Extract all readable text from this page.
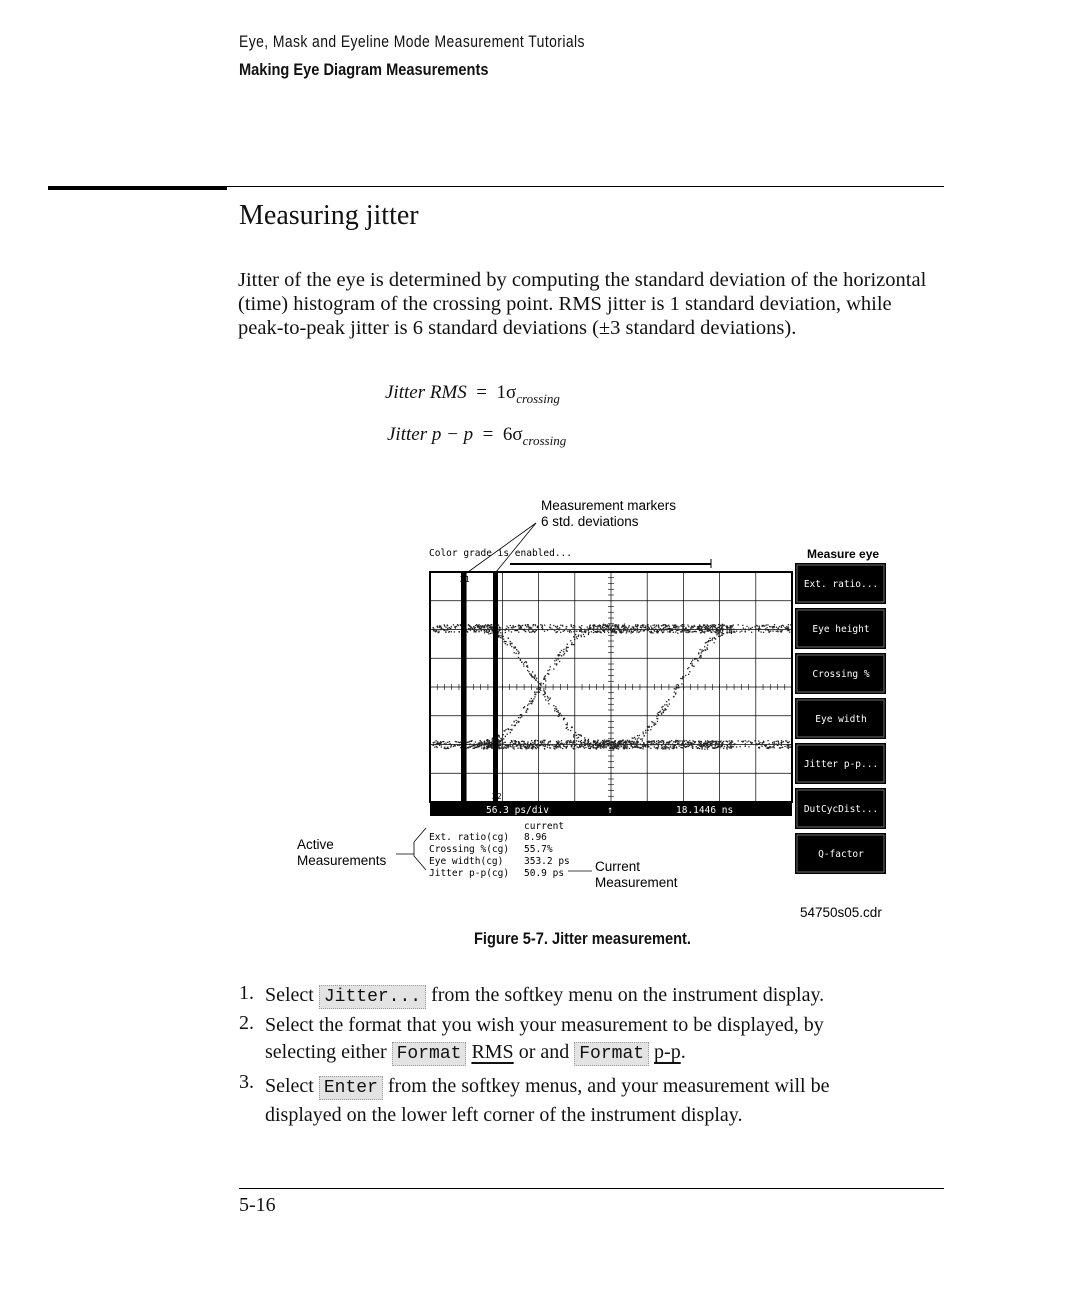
Eye, Mask and Eyeline Mode Measurement Tutorials
Making Eye Diagram Measurements
Measuring jitter
Jitter of the eye is determined by computing the standard deviation of the horizontal (time) histogram of the crossing point. RMS jitter is 1 standard deviation, while peak-to-peak jitter is 6 standard deviations (±3 standard deviations).
Jitter RMS = $1\sigma_{crossing}$
Jitter $p - p = 6\sigma_{crossing}$
Measurement markers
6 std. deviations
Color grade is enabled...
X1
X2
56.3 ps/div	↑	18.1446 ns
Measure eye
Ext. ratio...
Eye height
Crossing %
Eye width
Jitter p-p...
DutCycDist...
Q-factor
current
Ext. ratio(cg) 8.96
Crossing %(cg) 55.7%
Eye width(cg) 353.2 ps
Jitter p-p(cg) 50.9 ps
Active
Measurements	Current
Measurement
54750s05.cdr
Figure 5-7. Jitter measurement.
1. Select Jitter... from the softkey menu on the instrument display.
2. Select the format that you wish your measurement to be displayed, by
selecting either Format RMS or and Format p-p.
3. Select Enter from the softkey menus, and your measurement will be
displayed on the lower left corner of the instrument display.
5-16
